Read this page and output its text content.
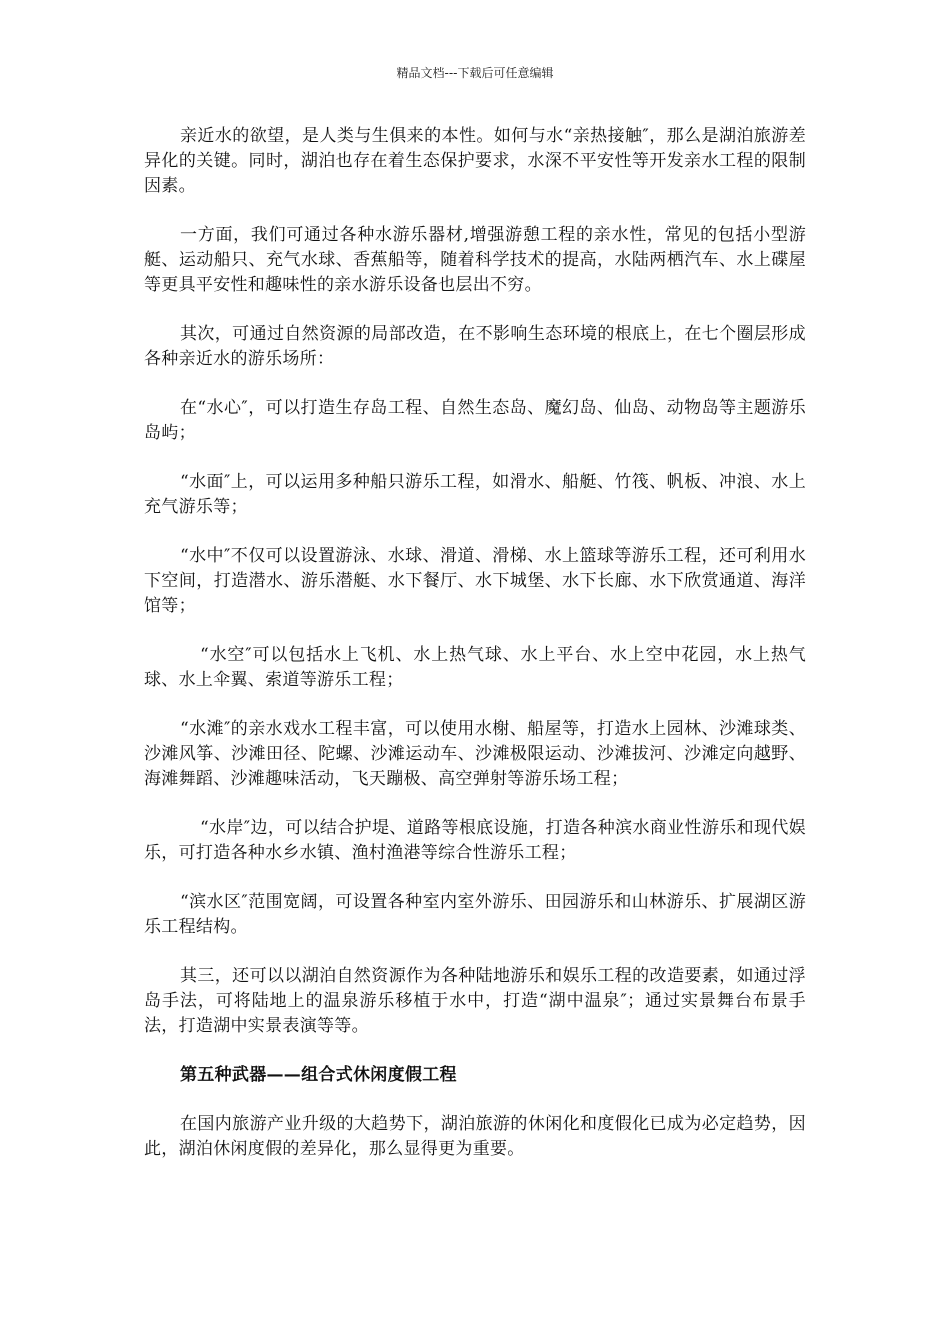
精品文档---下载后可任意编辑

亲近水的欲望，是人类与生俱来的本性。如何与水“亲热接触″，那么是湖泊旅游差异化的关键。同时，湖泊也存在着生态保护要求，水深不平安性等开发亲水工程的限制因素。

一方面，我们可通过各种水游乐器材,增强游憩工程的亲水性，常见的包括小型游艇、运动船只、充气水球、香蕉船等，随着科学技术的提高，水陆两栖汽车、水上碟屋等更具平安性和趣味性的亲水游乐设备也层出不穷。

其次，可通过自然资源的局部改造，在不影响生态环境的根底上，在七个圈层形成各种亲近水的游乐场所：

在“水心″，可以打造生存岛工程、自然生态岛、魔幻岛、仙岛、动物岛等主题游乐岛屿；

“水面″上，可以运用多种船只游乐工程，如滑水、船艇、竹筏、帆板、冲浪、水上充气游乐等；

“水中″不仅可以设置游泳、水球、滑道、滑梯、水上篮球等游乐工程，还可利用水下空间，打造潜水、游乐潜艇、水下餐厅、水下城堡、水下长廊、水下欣赏通道、海洋馆等；

“水空″可以包括水上飞机、水上热气球、水上平台、水上空中花园，水上热气球、水上伞翼、索道等游乐工程；

“水滩″的亲水戏水工程丰富，可以使用水榭、船屋等，打造水上园林、沙滩球类、沙滩风筝、沙滩田径、陀螺、沙滩运动车、沙滩极限运动、沙滩拔河、沙滩定向越野、海滩舞蹈、沙滩趣味活动，飞天蹦极、高空弹射等游乐场工程；

“水岸″边，可以结合护堤、道路等根底设施，打造各种滨水商业性游乐和现代娱乐，可打造各种水乡水镇、渔村渔港等综合性游乐工程；

“滨水区″范围宽阔，可设置各种室内室外游乐、田园游乐和山林游乐、扩展湖区游乐工程结构。

其三，还可以以湖泊自然资源作为各种陆地游乐和娱乐工程的改造要素，如通过浮岛手法，可将陆地上的温泉游乐移植于水中，打造“湖中温泉″；通过实景舞台布景手法，打造湖中实景表演等等。

第五种武器——组合式休闲度假工程

在国内旅游产业升级的大趋势下，湖泊旅游的休闲化和度假化已成为必定趋势，因此，湖泊休闲度假的差异化，那么显得更为重要。
